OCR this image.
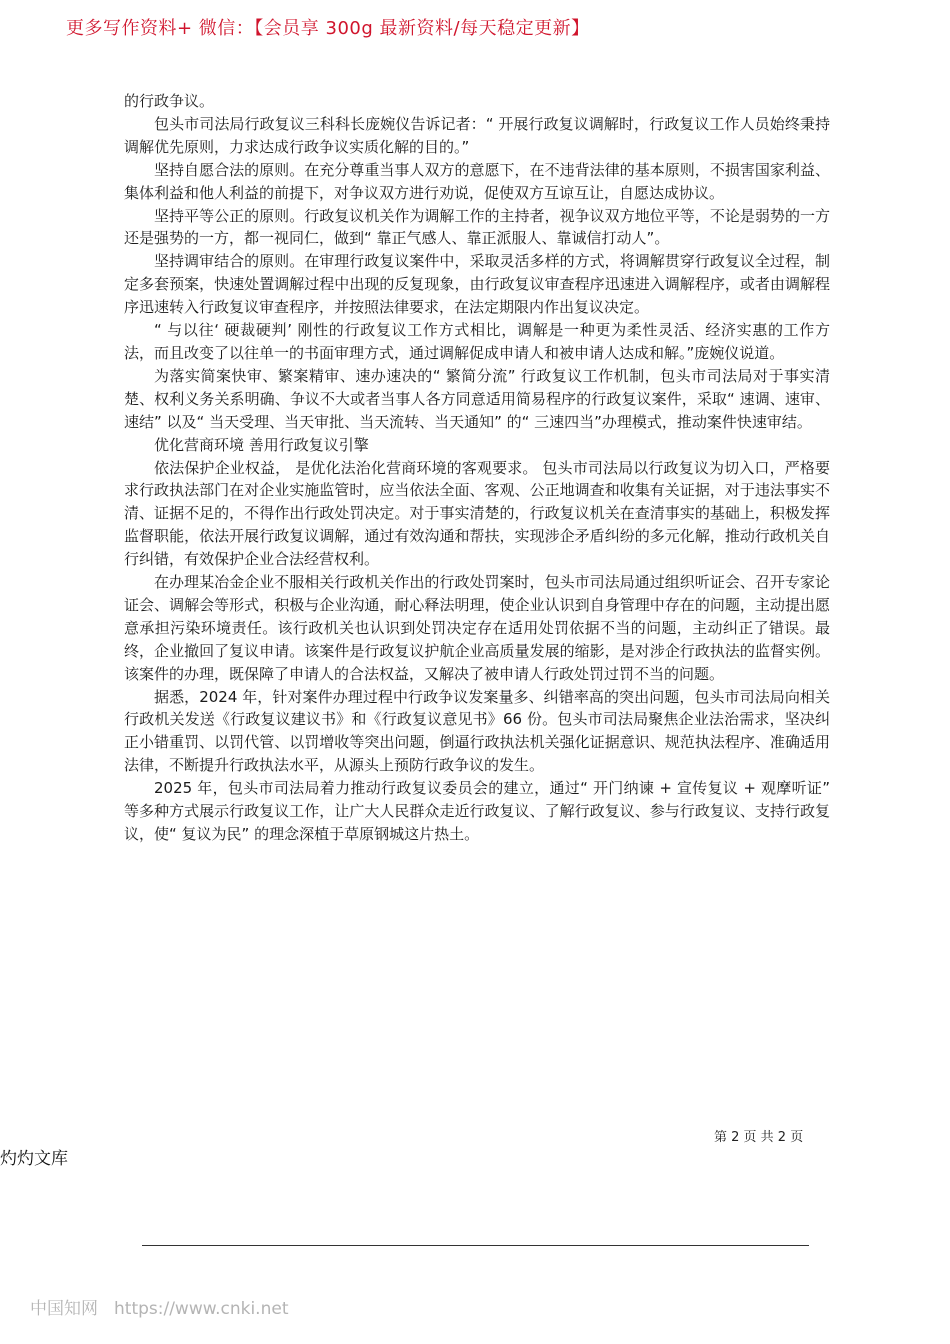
更多写作资料+ 微信：【会员享 300g 最新资料/每天稳定更新】

的行政争议。

包头市司法局行政复议三科科长庞婉仪告诉记者：“ 开展行政复议调解时，行政复议工作人员始终秉持调解优先原则，力求达成行政争议实质化解的目的。”

坚持自愿合法的原则。在充分尊重当事人双方的意愿下，在不违背法律的基本原则，不损害国家利益、集体利益和他人利益的前提下，对争议双方进行劝说，促使双方互谅互让，自愿达成协议。

坚持平等公正的原则。行政复议机关作为调解工作的主持者，视争议双方地位平等，不论是弱势的一方还是强势的一方，都一视同仁，做到“ 靠正气感人、靠正派服人、靠诚信打动人”。

坚持调审结合的原则。在审理行政复议案件中，采取灵活多样的方式，将调解贯穿行政复议全过程，制定多套预案，快速处置调解过程中出现的反复现象，由行政复议审查程序迅速进入调解程序，或者由调解程序迅速转入行政复议审查程序，并按照法律要求，在法定期限内作出复议决定。

“ 与以往‘ 硬裁硬判’ 刚性的行政复议工作方式相比，调解是一种更为柔性灵活、经济实惠的工作方法，而且改变了以往单一的书面审理方式，通过调解促成申请人和被申请人达成和解。”庞婉仪说道。

为落实简案快审、繁案精审、速办速决的“ 繁简分流” 行政复议工作机制，包头市司法局对于事实清楚、权利义务关系明确、争议不大或者当事人各方同意适用简易程序的行政复议案件，采取“ 速调、速审、速结” 以及“ 当天受理、当天审批、当天流转、当天通知” 的“ 三速四当”办理模式，推动案件快速审结。

优化营商环境 善用行政复议引擎

依法保护企业权益， 是优化法治化营商环境的客观要求。 包头市司法局以行政复议为切入口，严格要求行政执法部门在对企业实施监管时，应当依法全面、客观、公正地调查和收集有关证据，对于违法事实不清、证据不足的，不得作出行政处罚决定。对于事实清楚的，行政复议机关在查清事实的基础上，积极发挥监督职能，依法开展行政复议调解，通过有效沟通和帮扶，实现涉企矛盾纠纷的多元化解，推动行政机关自行纠错，有效保护企业合法经营权利。

在办理某冶金企业不服相关行政机关作出的行政处罚案时，包头市司法局通过组织听证会、召开专家论证会、调解会等形式，积极与企业沟通，耐心释法明理，使企业认识到自身管理中存在的问题，主动提出愿意承担污染环境责任。该行政机关也认识到处罚决定存在适用处罚依据不当的问题，主动纠正了错误。最终，企业撤回了复议申请。该案件是行政复议护航企业高质量发展的缩影，是对涉企行政执法的监督实例。该案件的办理，既保障了申请人的合法权益，又解决了被申请人行政处罚过罚不当的问题。

据悉，2024 年，针对案件办理过程中行政争议发案量多、纠错率高的突出问题，包头市司法局向相关行政机关发送《行政复议建议书》和《行政复议意见书》66 份。包头市司法局聚焦企业法治需求，坚决纠正小错重罚、以罚代管、以罚增收等突出问题，倒逼行政执法机关强化证据意识、规范执法程序、准确适用法律，不断提升行政执法水平，从源头上预防行政争议的发生。

2025 年，包头市司法局着力推动行政复议委员会的建立，通过“ 开门纳谏 + 宣传复议 + 观摩听证” 等多种方式展示行政复议工作，让广大人民群众走近行政复议、了解行政复议、参与行政复议、支持行政复议，使“ 复议为民” 的理念深植于草原钢城这片热土。

第 2 页 共 2 页
灼灼文库
中国知网 https://www.cnki.net
